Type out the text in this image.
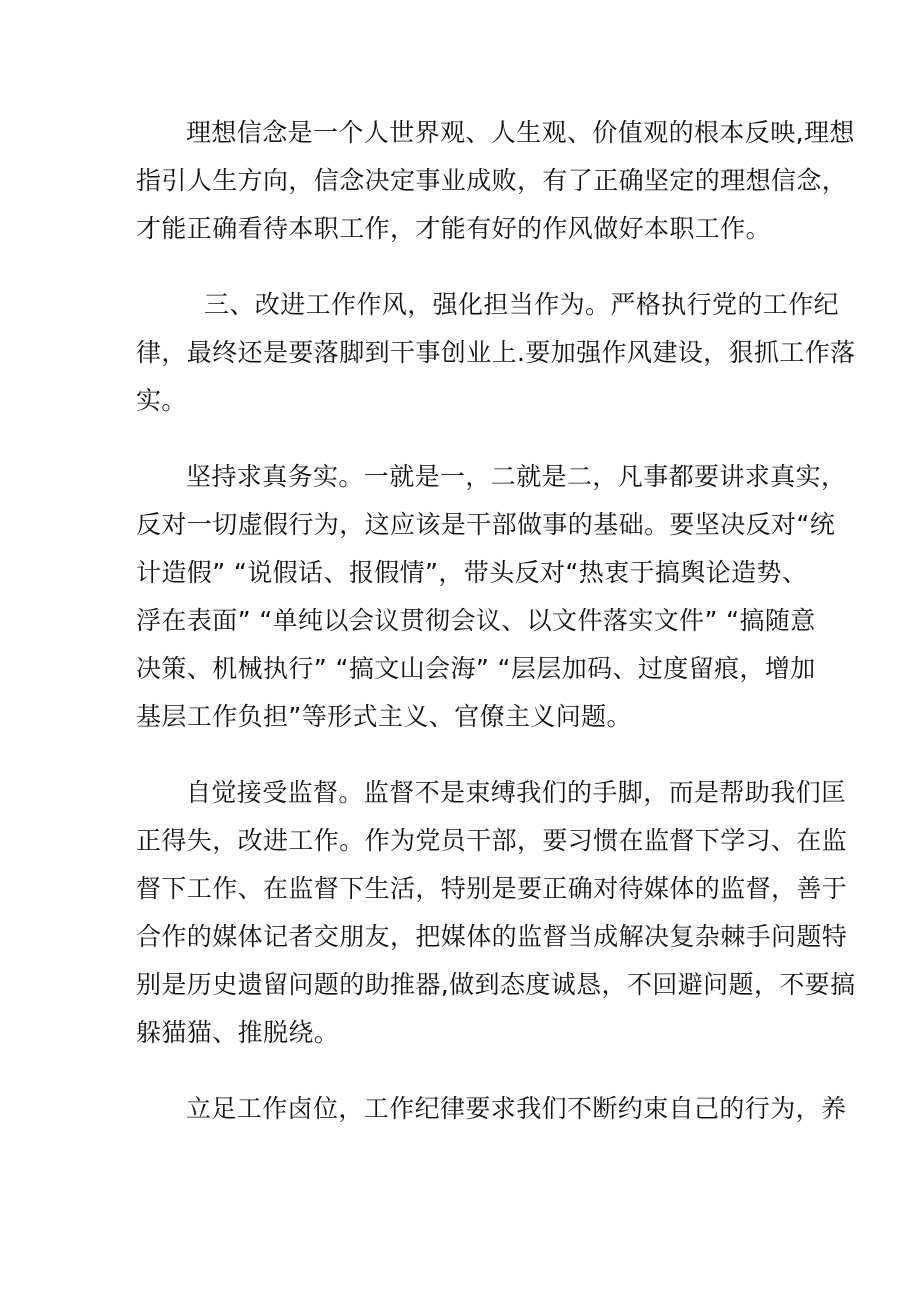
理想信念是一个人世界观、人生观、价值观的根本反映,理想
指引人生方向，信念决定事业成败，有了正确坚定的理想信念，
才能正确看待本职工作，才能有好的作风做好本职工作。
三、改进工作作风，强化担当作为。严格执行党的工作纪
律，最终还是要落脚到干事创业上.要加强作风建设，狠抓工作落
实。
坚持求真务实。一就是一，二就是二，凡事都要讲求真实，
反对一切虚假行为，这应该是干部做事的基础。要坚决反对“统
计造假” “说假话、报假情”，带头反对“热衷于搞舆论造势、
浮在表面” “单纯以会议贯彻会议、以文件落实文件” “搞随意
决策、机械执行” “搞文山会海” “层层加码、过度留痕，增加
基层工作负担”等形式主义、官僚主义问题。
自觉接受监督。监督不是束缚我们的手脚，而是帮助我们匡
正得失，改进工作。作为党员干部，要习惯在监督下学习、在监
督下工作、在监督下生活，特别是要正确对待媒体的监督，善于
合作的媒体记者交朋友，把媒体的监督当成解决复杂棘手问题特
别是历史遗留问题的助推器,做到态度诚恳，不回避问题，不要搞
躲猫猫、推脱绕。
立足工作卤位，工作纪律要求我们不断约束自己的行为，养
